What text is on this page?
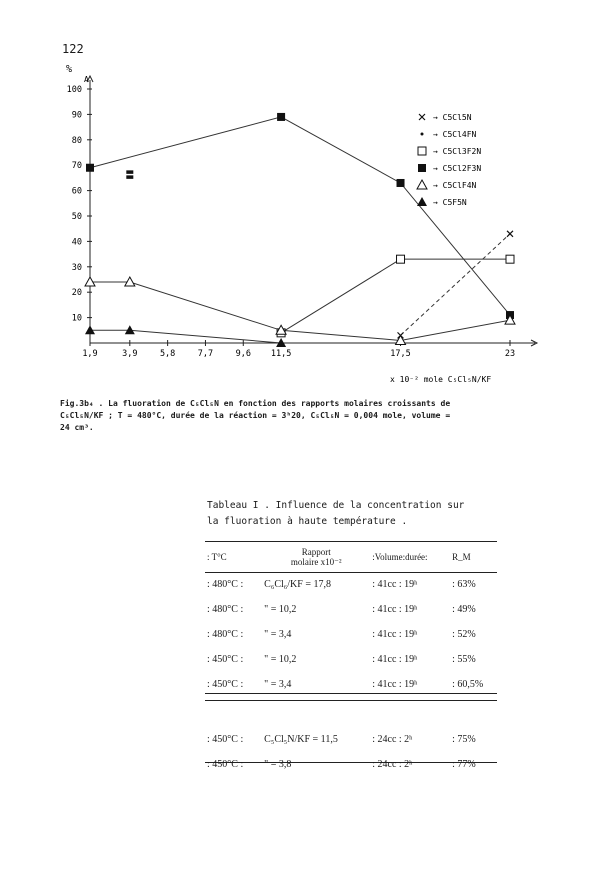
122
%
A
10
20
30
40
50
60
70
80
90
100
1,9	3,9	5,8	7,7	9,6 11,5	17,5	23
x 10⁻² mole C₅Cl₅N/KF
→ C5Cl5N
→ C5Cl4FN
→ C5Cl3F2N
→ C5Cl2F3N
→ C5ClF4N
→ C5F5N
Fig.3b₄ . La fluoration de C₅Cl₅N en fonction des rapports molaires croissants de
C₅Cl₅N/KF ; T = 480°C, durée de la réaction = 3ʰ20, C₅Cl₅N = 0,004 mole, volume =
24 cm³.
Tableau I . Influence de la concentration sur
la fluoration à haute température .
: T°C	Rapport
molaire x10⁻²	:Volume:durée:	R_M
: 480°C :	C₆Cl₆/KF = 17,8	: 41cc : 19ʰ	: 63%
: 480°C :	" = 10,2	: 41cc : 19ʰ	: 49%
: 480°C :	" = 3,4	: 41cc : 19ʰ	: 52%
: 450°C :	" = 10,2	: 41cc : 19ʰ	: 55%
: 450°C :	" = 3,4	: 41cc : 19ʰ	: 60,5%

: 450°C :	C₅Cl₅N/KF = 11,5	: 24cc : 2ʰ	: 75%
: 450°C :	" = 3,8	: 24cc : 2ʰ	: 77%
